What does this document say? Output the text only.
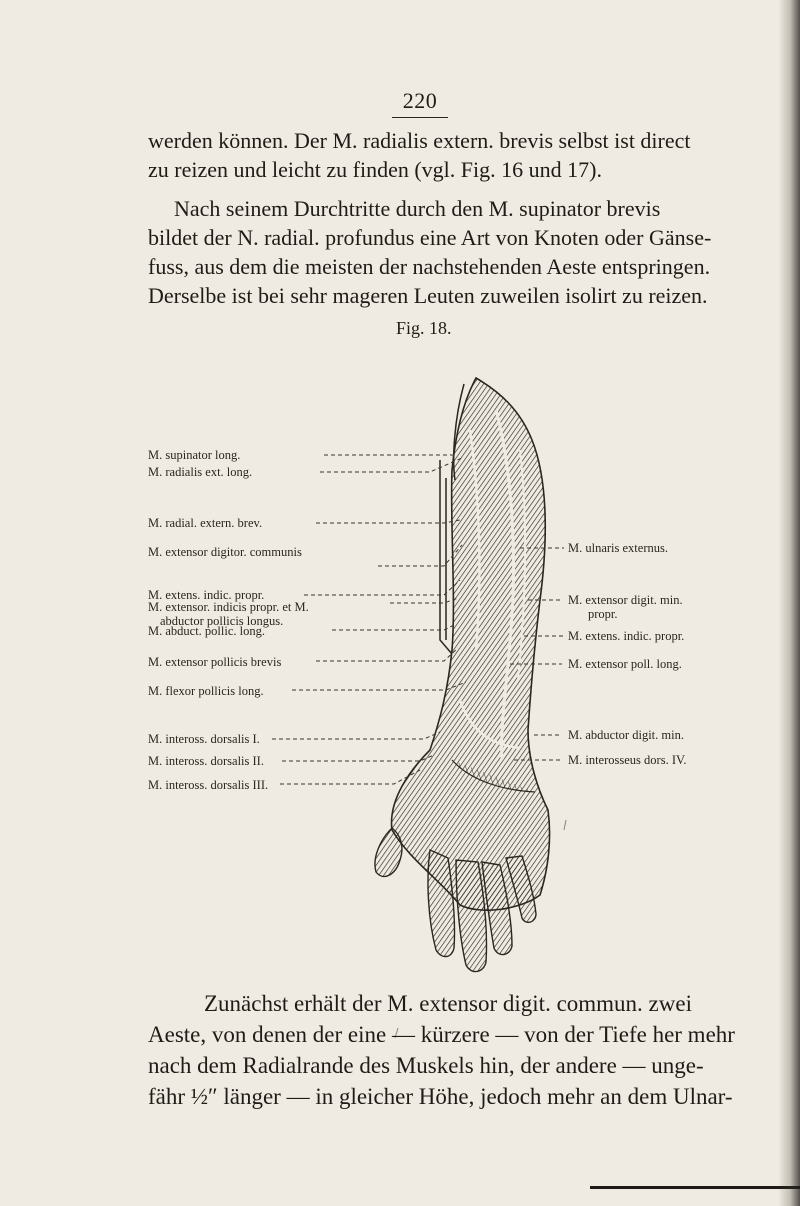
220

werden können. Der M. radialis extern. brevis selbst ist direct
zu reizen und leicht zu finden (vgl. Fig. 16 und 17).

Nach seinem Durchtritte durch den M. supinator brevis
bildet der N. radial. profundus eine Art von Knoten oder Gänse-
fuss, aus dem die meisten der nachstehenden Aeste entspringen.
Derselbe ist bei sehr mageren Leuten zuweilen isolirt zu reizen.

Fig. 18.
M. supinator long.
M. radialis ext. long.
M. radial. extern. brev.
M. extensor digitor. communis
M. extens. indic. propr.
M. extensor. indicis propr. et M.
abductor pollicis longus.
M. abduct. pollic. long.
M. extensor pollicis brevis
M. flexor pollicis long.
M. inteross. dorsalis I.
M. inteross. dorsalis II.
M. inteross. dorsalis III.
M. ulnaris externus.
M. extensor digit. min.
propr.
M. extens. indic. propr.
M. extensor poll. long.
M. abductor digit. min.
M. interosseus dors. IV.

Zunächst erhält der M. extensor digit. commun. zwei
Aeste, von denen der eine — kürzere — von der Tiefe her mehr
nach dem Radialrande des Muskels hin, der andere — unge-
fähr ½″ länger — in gleicher Höhe, jedoch mehr an dem Ulnar-
